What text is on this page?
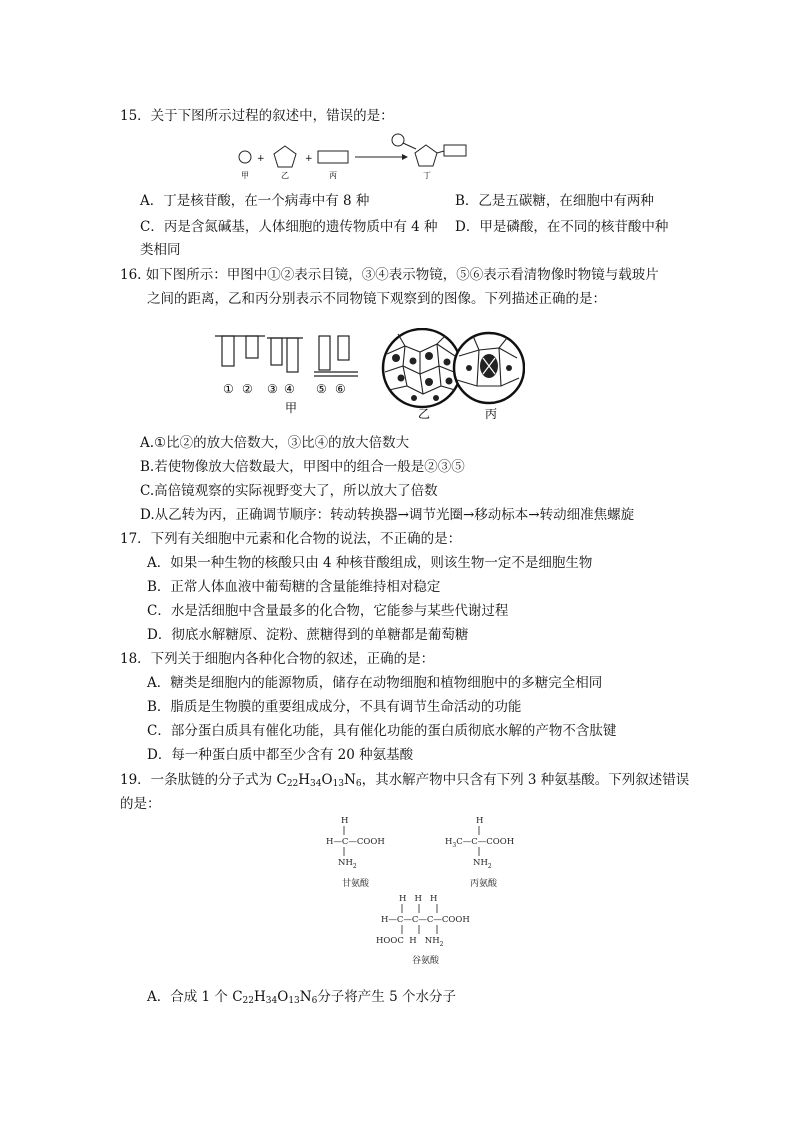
15．关于下图所示过程的叙述中，错误的是：
甲
+
乙
+
丙	丁
A．丁是核苷酸，在一个病毒中有 8 种	B．乙是五碳糖，在细胞中有两种
C．丙是含氮碱基，人体细胞的遗传物质中有 4 种 D．甲是磷酸，在不同的核苷酸中种
类相同
16. 如下图所示：甲图中①②表示目镜，③④表示物镜，⑤⑥表示看清物像时物镜与载玻片
之间的距离，乙和丙分别表示不同物镜下观察到的图像。下列描述正确的是：
① ② ③ ④ ⑤ ⑥
甲	乙	丙
A.①比②的放大倍数大，③比④的放大倍数大
B.若使物像放大倍数最大，甲图中的组合一般是②③⑤
C.高倍镜观察的实际视野变大了，所以放大了倍数
D.从乙转为丙，正确调节顺序：转动转换器→调节光圈→移动标本→转动细准焦螺旋
17．下列有关细胞中元素和化合物的说法，不正确的是：
A．如果一种生物的核酸只由 4 种核苷酸组成，则该生物一定不是细胞生物
B．正常人体血液中葡萄糖的含量能维持相对稳定
C．水是活细胞中含量最多的化合物，它能参与某些代谢过程
D．彻底水解糖原、淀粉、蔗糖得到的单糖都是葡萄糖
18．下列关于细胞内各种化合物的叙述，正确的是：
A．糖类是细胞内的能源物质，储存在动物细胞和植物细胞中的多糖完全相同
B．脂质是生物膜的重要组成成分，不具有调节生命活动的功能
C．部分蛋白质具有催化功能，具有催化功能的蛋白质彻底水解的产物不含肽键
D．每一种蛋白质中都至少含有 20 种氨基酸
19．一条肽链的分子式为 $C_{22}H_{34}O_{13}N_6$，其水解产物中只含有下列 3 种氨基酸。下列叙述错误
的是：
H
H—C—COOH
$NH_2$
甘氨酸
H
$H_3C—C—COOH$
$NH_2$
丙氨酸
H   H   H
H—C—C—C—COOH
HOOC  H   $NH_2$
谷氨酸
A．合成 1 个 $C_{22}H_{34}O_{13}N_6$分子将产生 5 个水分子
